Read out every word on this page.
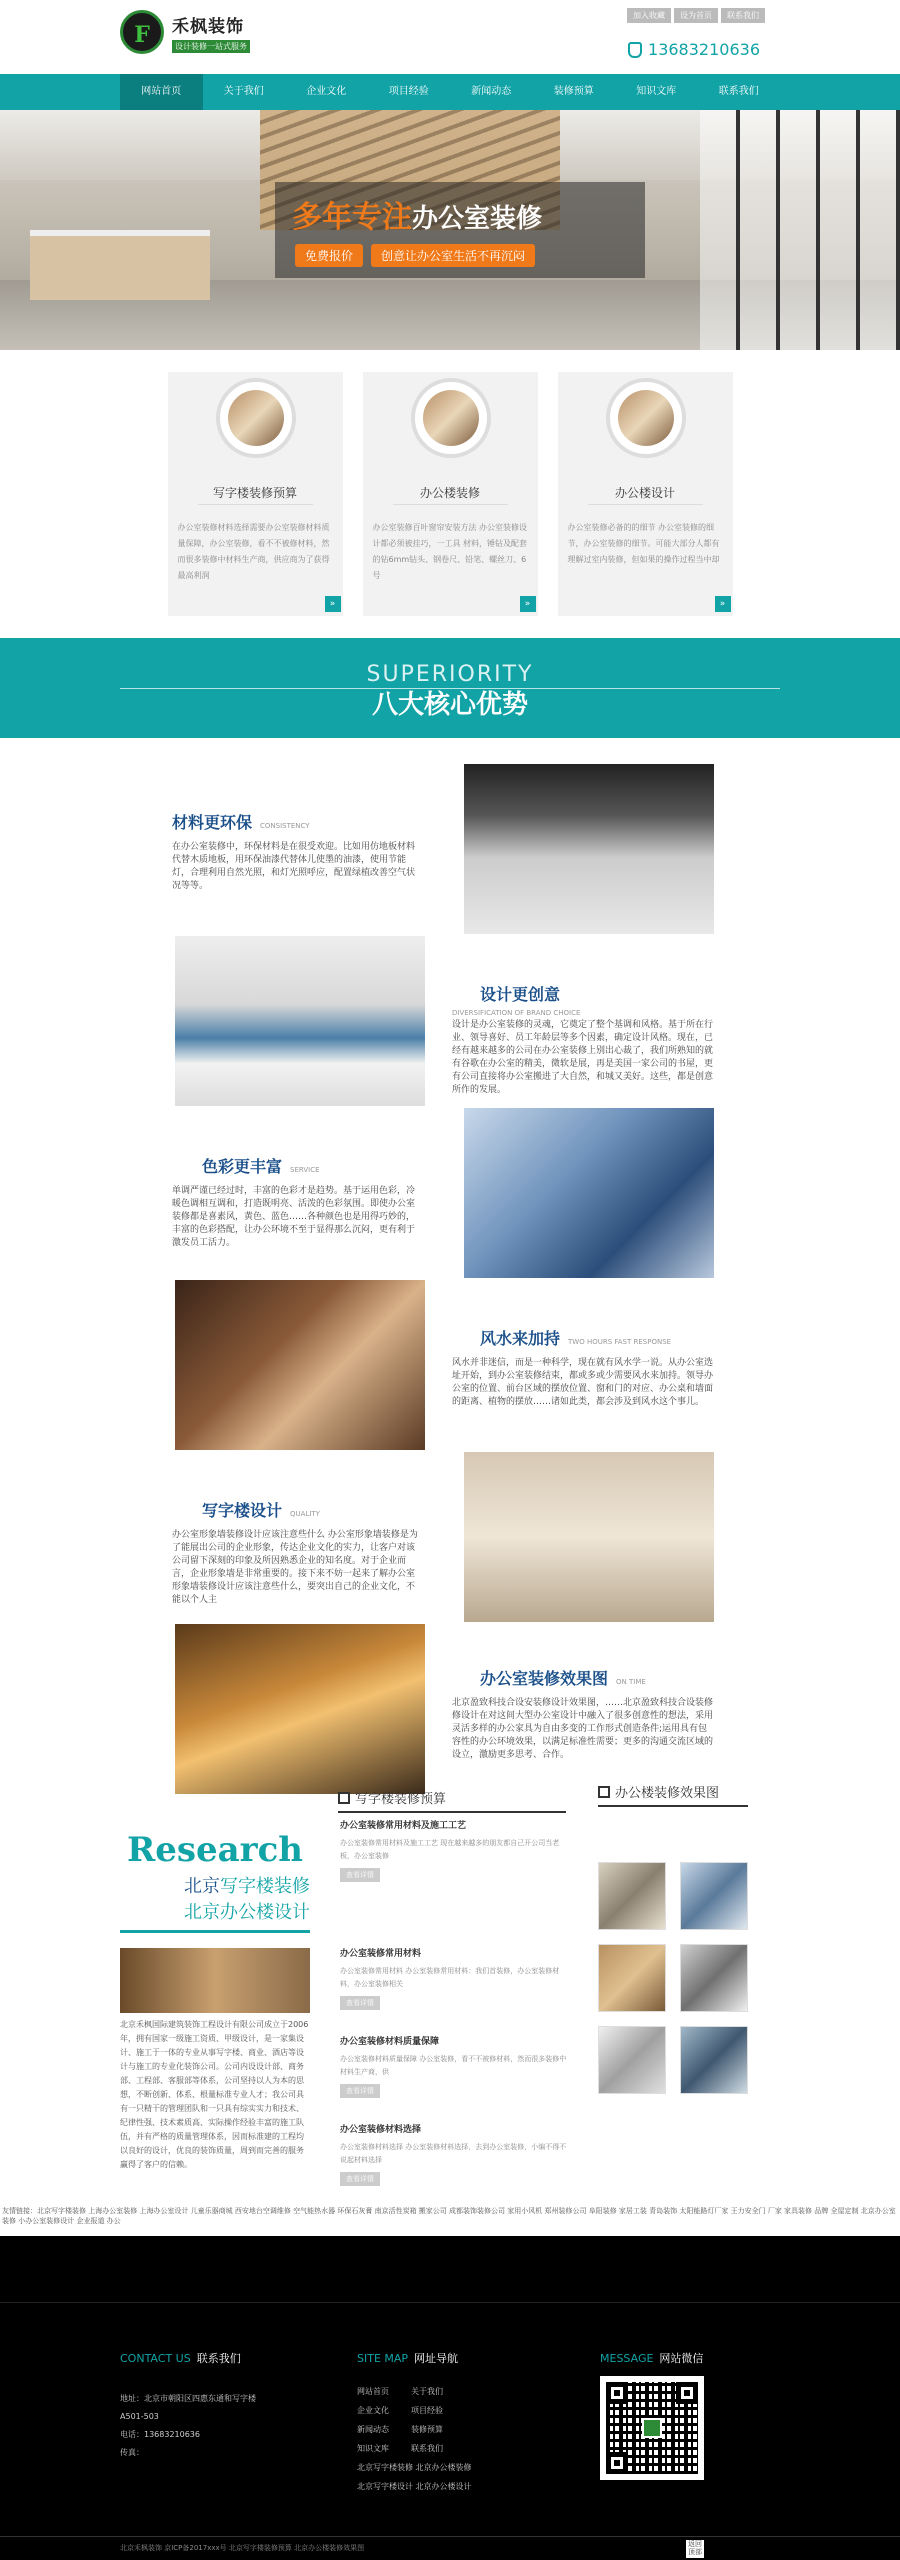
F	禾枫装饰
设计装修一站式服务
加入收藏	设为首页	联系我们
13683210636
网站首页	关于我们	企业文化	项目经验	新闻动态	装修预算	知识文库	联系我们
多年专注办公室装修
免费报价	创意让办公室生活不再沉闷
写字楼装修预算
办公室装修材料选择需要办公室装修材料质量保障，办公室装修，看不不被修材料，然而很多装修中材料生产商，供应商为了获得最高利润
»
办公楼装修
办公室装修百叶窗帘安装方法 办公室装修设计都必须被挂巧，一工具 材料，锤钻及配套的钻6mm钻头、钢卷尺、铅笔、螺丝刀、6号
»
办公楼设计
办公室装修必备的的细节 办公室装修的细节，办公室装修的细节。可能大部分人都有理解过室内装修，但如果的操作过程当中却
»
SUPERIORITY
八大核心优势
材料更环保 CONSISTENCY
在办公室装修中，环保材料是在很受欢迎。比如用仿地板材料代替木质地板，用环保油漆代替体儿使墨的油漆，使用节能灯，合理利用自然光照，和灯光照呼应，配置绿植改善空气状况等等。
设计更创意
DIVERSIFICATION OF BRAND CHOICE
设计是办公室装修的灵魂，它奠定了整个基调和风格。基于所在行业、领导喜好、员工年龄层等多个因素，确定设计风格。现在，已经有越来越多的公司在办公室装修上别出心裁了，我们所熟知的就有谷歌在办公室的精美，微软是展，再是美国一家公司的书屋，更有公司直接将办公室搬进了大自然，和城又美好。这些，都是创意所作的发展。
色彩更丰富 SERVICE
单调严谨已经过时，丰富的色彩才是趋势。基于运用色彩，冷暖色调相互调和，打造既明亮、活泼的色彩氛围。即使办公室装修都是喜素风，黄色、蓝色……各种颜色也是用得巧妙的，丰富的色彩搭配，让办公环境不至于显得那么沉闷，更有利于激发员工活力。
风水来加持 TWO HOURS FAST RESPONSE
风水并非迷信，而是一种科学，现在就有风水学一说。从办公室选址开始，到办公室装修结束，都或多或少需要风水来加持。领导办公室的位置、前台区域的摆放位置、窗和门的对应、办公桌和墙面的距离、植物的摆放……诸如此类，都会涉及到风水这个事儿。
写字楼设计 QUALITY
办公室形象墙装修设计应该注意些什么 办公室形象墙装修是为了能展出公司的企业形象，传达企业文化的实力，让客户对该公司留下深刻的印象及所因熟悉企业的知名度。对于企业而言，企业形象墙是非常重要的。接下来不妨一起来了解办公室形象墙装修设计应该注意些什么，要突出自己的企业文化，不能以个人主
办公室装修效果图 ON TIME
北京盈致科技合设安装修设计效果图，……北京盈致科技合设装修修设计在对这间大型办公室设计中融入了很多创意性的想法，采用灵活多样的办公家具为自由多变的工作形式创造条件;运用具有包容性的办公环境效果，以满足标准性需要；更多的沟通交流区域的设立，激励更多思考、合作。
Research
北京写字楼装修
北京办公楼设计
北京禾枫国际建筑装饰工程设计有限公司成立于2006年，拥有国家一级施工资质、甲级设计，是一家集设计、施工于一体的专业从事写字楼、商业、酒店等设计与施工的专业化装饰公司。公司内设设计部、商务部、工程部、客服部等体系，公司坚持以人为本的思想，不断创新、体系、根量标准专业人才；我公司具有一只精干的管理团队和一只具有综实实力和技术、纪律性强、技术素质高、实际操作经验丰富的施工队伍，并有严格的质量管理体系，因而标准建的工程均以良好的设计，优良的装饰质量，周到而完善的服务赢得了客户的信赖。
写字楼装修预算
办公室装修常用材料及施工工艺
办公室装修常用材料及施工工艺 现在越来越多的朋友都自己开公司当老板，办公室装修
查看详情
办公室装修常用材料
办公室装修常用材料 办公室装修常用材料：我们首装修，办公室装修材料，办公室装修相关
查看详情
办公室装修材料质量保障
办公室装修材料质量保障 办公室装修，看不不被修材料，然而很多装修中材料生产商，供
查看详情
办公室装修材料选择
办公室装修材料选择 办公室装修材料选择，去到办公室装修，小编不得不说起材料选择
查看详情
办公楼装修效果图
友情链接：北京写字楼装修 上海办公室装修 上海办公室设计 儿童乐器商城 西安地台空调维修 空气能热水器 环保石灰膏 南京活性炭箱 搬家公司 成都装饰装修公司 家用小风机 郑州装修公司 阜阳装修 家居工装 青岛装饰 太阳能路灯厂家 王力安全门 厂家 家具装修 品牌 全屋定制 北京办公室装修 小办公室装修设计 企业报道 办公
CONTACT US 联系我们
地址：北京市朝阳区四惠东通和写字楼
A501-503
电话：13683210636
传真：
SITE MAP 网址导航
网站首页	关于我们
企业文化	项目经验
新闻动态	装修预算
知识文库	联系我们
北京写字楼装修 北京办公楼装修
北京写字楼设计 北京办公楼设计
MESSAGE 网站微信
北京禾枫装饰 京ICP备2017xxx号 北京写字楼装修预算 北京办公楼装修效果图	返回顶部
